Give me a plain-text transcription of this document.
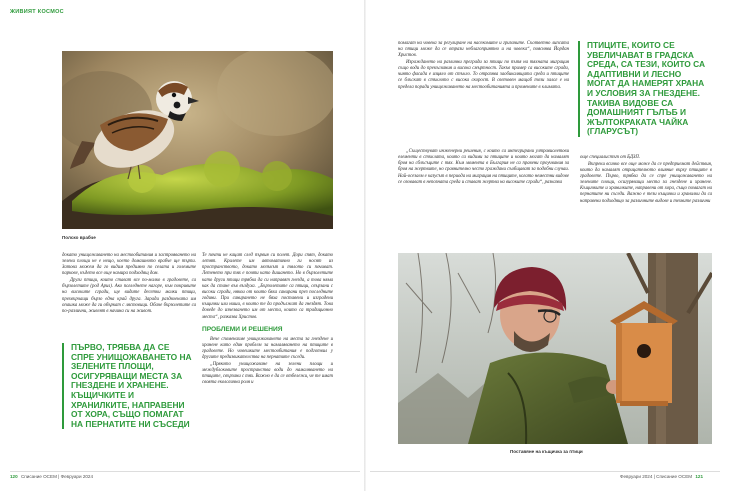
ЖИВИЯТ КОСМОС
Полско врабче

докато унищожаването на местообитания и застрояването на зелени площи не е нещо, което домашното врабче ще търпи. Затова можем да го видим предимно по селата и големите паркове, където все още намира подходящ дом.

Други птици, които стават все по-малко в градовете, са бързолетите (род Apus). Ако погледнете нагоре, към покривите на високите сгради, ще видите десетки малки птици, прехвърчащи бързо една край друга. Заради раздвоената им опашка може да ги объркат с лястовици. Обаче бързолетите са по-различни, живеят в начина си на живот.

Те почти не кацат след първия си полет. Дори спят, докато летят. Крилете им автоматично ги носят из пространството, докато мозъкът и тялото си почиват. Летенето при тях е почти като дишането. Но в бързолетите като други птици трябва да си направят гнезда, а това няма как да стане във въздуха. „Бързолетите са птици, свързани с високи сгради, някои от които бяха санирани през последните години. При санирането не бяха поставени и изградени къщички или ниши, в които те да продължат да гнездят. Това доведе до изчезването им от места, които са традиционно места“, разказва Христов.

ПРОБЛЕМИ И РЕШЕНИЯ

Вече споменахме унищожаването на места за гнездене и хранене като един проблем за намаляването на птиците в градовете. Но човешките местообитания е подготвил у другите предизвикателства на пернатите съседи.

„Прякото унищожаване на зелени площи и междублоковите пространства води до намаляването на птиците, свързани с тях. Важно е да се отбележи, че те имат своята екологична роля и

ПЪРВО, ТРЯБВА ДА СЕ СПРЕ УНИЩОЖАВАНЕТО НА ЗЕЛЕНИТЕ ПЛОЩИ, ОСИГУРЯВАЩИ МЕСТА ЗА ГНЕЗДЕНЕ И ХРАНЕНЕ. КЪЩИЧКИТЕ И ХРАНИЛКИТЕ, НАПРАВЕНИ ОТ ХОРА, СЪЩО ПОМАГАТ НА ПЕРНАТИТЕ НИ СЪСЕДИ
120 Списание ОСЕМ | Февруари 2024

помагат на човека за регулиране на насекомите и гризачите. Съответно липсата на птици може да се отрази неблагоприятно и на човека“, пояснява Йордан Христов.

Израждането на различни прегради за птици по пътя на тяхната миграция също води до прекъсвания и висока смъртност. Такъв пример са високите сгради, чиято фасада е изцяло от стъкло. То отразява заобикалящата среда и птиците се блъскат в стъклото с висока скорост. В световен мащаб този залог е на предела поради унищожаването на местообитанията и промените в климата.

ПТИЦИТЕ, КОИТО СЕ УВЕЛИЧАВАТ В ГРАДСКА СРЕДА, СА ТЕЗИ, КОИТО СА АДАПТИВНИ И ЛЕСНО МОГАТ ДА НАМЕРЯТ ХРАНА И УСЛОВИЯ ЗА ГНЕЗДЕНЕ. ТАКИВА ВИДОВЕ СА ДОМАШНИЯТ ГЪЛЪБ И ЖЪЛТОКРАКАТА ЧАЙКА (ГЛАРУСЪТ)

„Съществуват инженерни решения, с които са интегрирани ултравиолетови елементи в стъклата, които са видими за птиците и които могат да намалят броя на сблъсъците с тях. Към момента в България не са правени проучвания за броя на жертвите, но сравнително често граждани съобщават за подобни случаи. Най-осезаем е казусът в периода на миграция на птиците, когато неместни видове се озовават в непозната среда и стават жертва на високите сгради“, разказва

още специалистът от БДЗП.

Въпреки всичко все още може да се предприемат действия, които да намалят отрицателното влияние върху птиците в градовете. Първо, трябва да се спре унищожаването на зелените площи, осигуряващи места за гнездене и хранене. Къщичките и хранилките, направени от хора, също помагат на пернатите ни съседи. Важно е тези къщички и хранилки да са направени подходящо за различните видове и техните различни

Поставяне на къщичка за птици
Февруари 2024 | Списание ОСЕМ 121
